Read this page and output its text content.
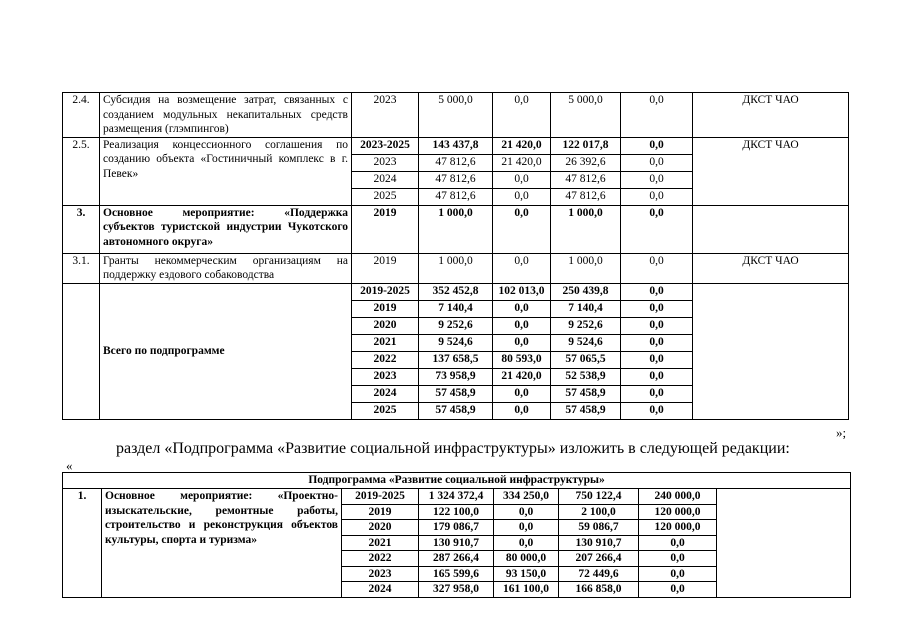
2.4.	Субсидия на возмещение затрат, связанных с созданием модульных некапитальных средств размещения (глэмпингов)	2023	5 000,0	0,0	5 000,0	0,0	ДКСТ ЧАО
2.5.	Реализация концессионного соглашения по созданию объекта «Гостиничный комплекс в г. Певек»	2023-2025	143 437,8	21 420,0	122 017,8	0,0	ДКСТ ЧАО
		2023	47 812,6	21 420,0	26 392,6	0,0	
		2024	47 812,6	0,0	47 812,6	0,0	
		2025	47 812,6	0,0	47 812,6	0,0	
3.	Основное мероприятие: «Поддержка субъектов туристской индустрии Чукотского автономного округа»	2019	1 000,0	0,0	1 000,0	0,0	
3.1.	Гранты некоммерческим организациям на поддержку ездового собаководства	2019	1 000,0	0,0	1 000,0	0,0	ДКСТ ЧАО
	Всего по подпрограмме	2019-2025	352 452,8	102 013,0	250 439,8	0,0	
		2019	7 140,4	0,0	7 140,4	0,0	
		2020	9 252,6	0,0	9 252,6	0,0	
		2021	9 524,6	0,0	9 524,6	0,0	
		2022	137 658,5	80 593,0	57 065,5	0,0	
		2023	73 958,9	21 420,0	52 538,9	0,0	
		2024	57 458,9	0,0	57 458,9	0,0	
		2025	57 458,9	0,0	57 458,9	0,0	
»;
раздел «Подпрограмма «Развитие социальной инфраструктуры» изложить в следующей редакции:
«
Подпрограмма «Развитие социальной инфраструктуры»							
1.	Основное мероприятие: «Проектно-изыскательские, ремонтные работы, строительство и реконструкция объектов культуры, спорта и туризма»	2019-2025	1 324 372,4	334 250,0	750 122,4	240 000,0	
		2019	122 100,0	0,0	2 100,0	120 000,0	
		2020	179 086,7	0,0	59 086,7	120 000,0	
		2021	130 910,7	0,0	130 910,7	0,0	
		2022	287 266,4	80 000,0	207 266,4	0,0	
		2023	165 599,6	93 150,0	72 449,6	0,0	
		2024	327 958,0	161 100,0	166 858,0	0,0	
